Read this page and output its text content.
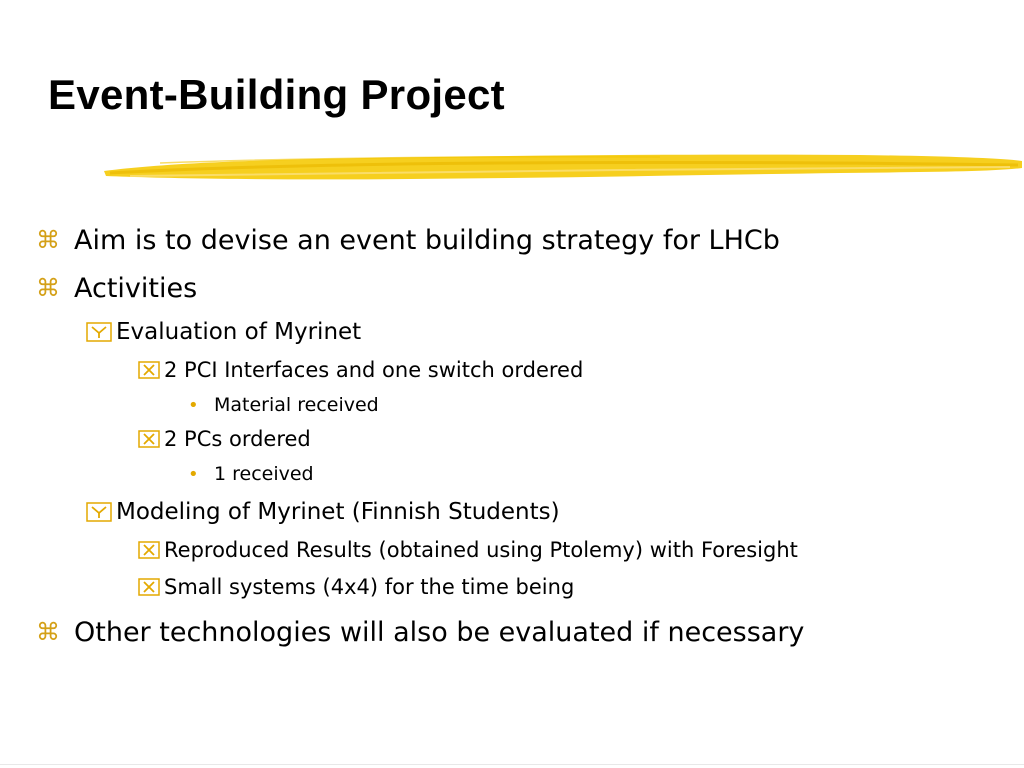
Event-Building Project
⌘ Aim is to devise an event building strategy for LHCb
⌘ Activities
Evaluation of Myrinet
2 PCI Interfaces and one switch ordered
• Material received
2 PCs ordered
• 1 received
Modeling of Myrinet (Finnish Students)
Reproduced Results (obtained using Ptolemy) with Foresight
Small systems (4x4) for the time being
⌘ Other technologies will also be evaluated if necessary
